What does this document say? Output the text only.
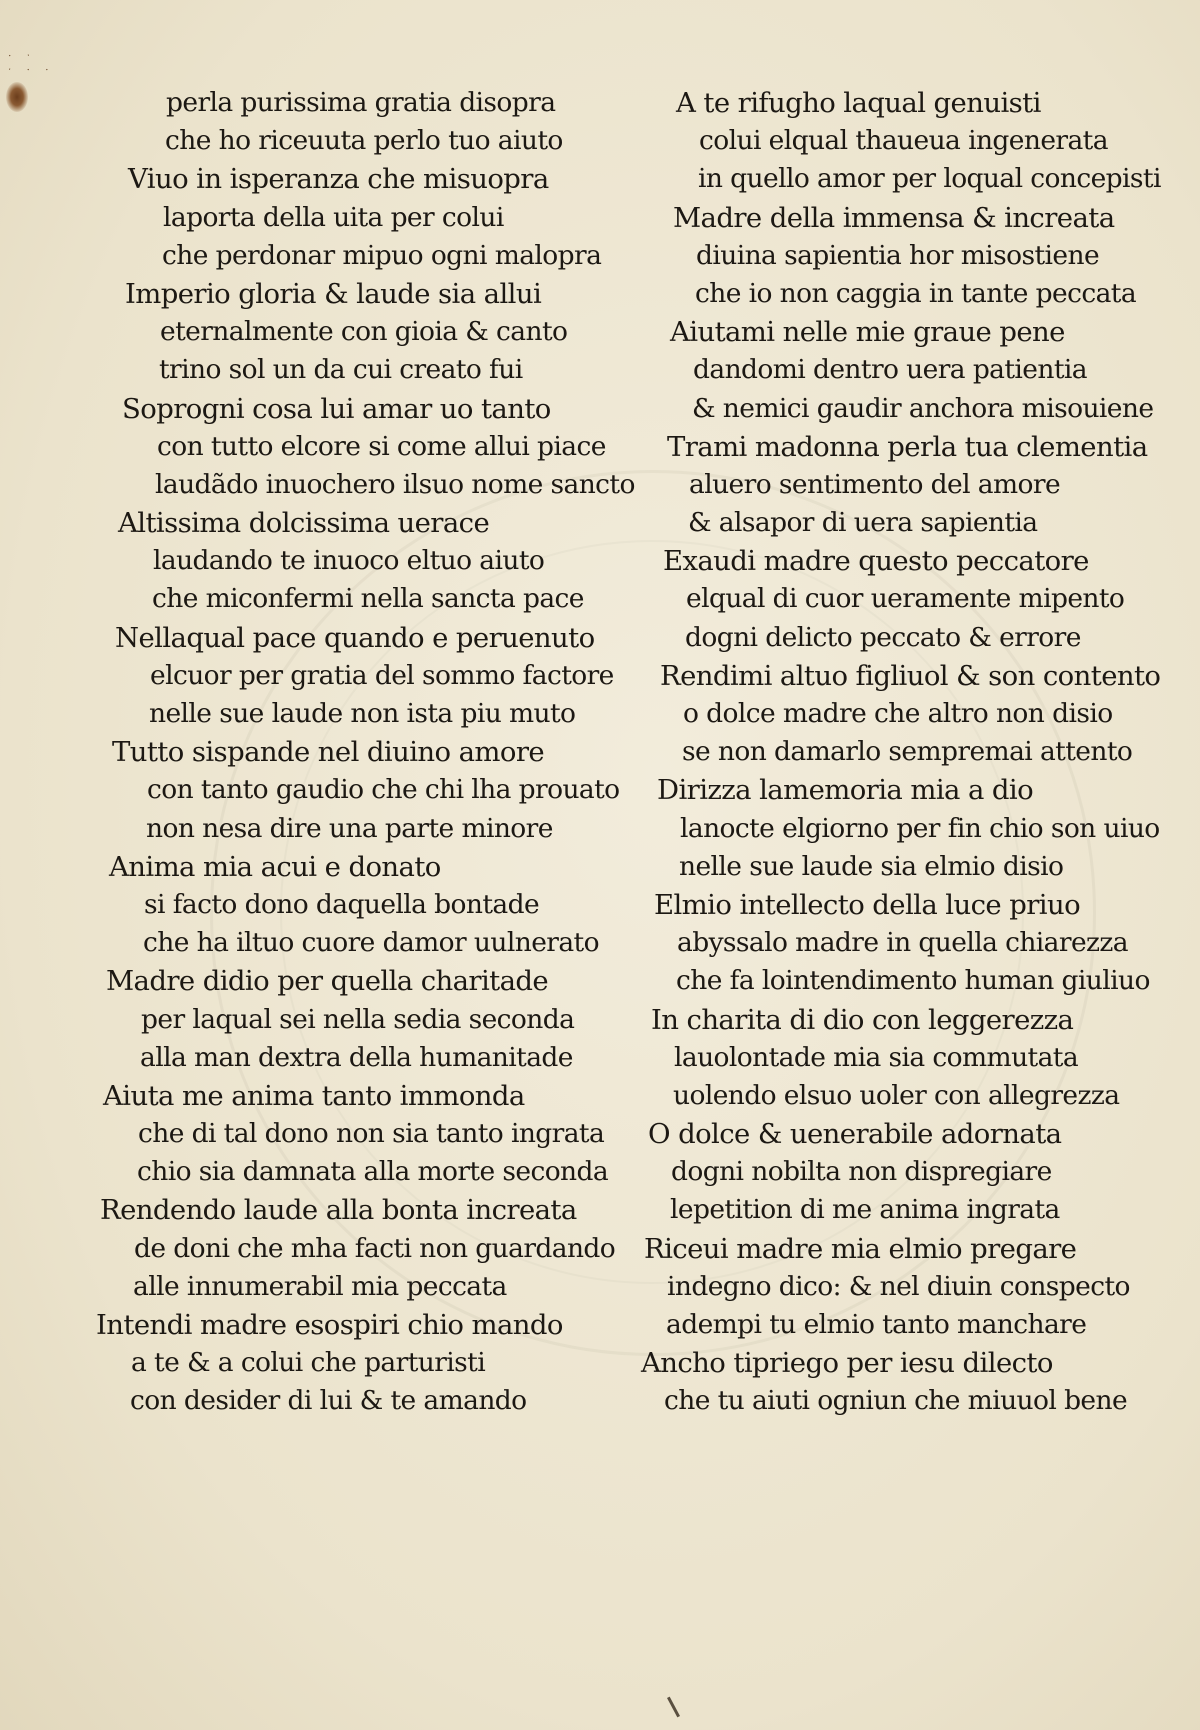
⋅ ˑ
ˑ ⋅ ⋅
perla purissima gratia disopra
che ho riceuuta perlo tuo aiuto
Viuo in isperanza che misuopra
laporta della uita per colui
che perdonar mipuo ogni malopra
Imperio gloria & laude sia allui
eternalmente con gioia & canto
trino sol un da cui creato fui
Soprogni cosa lui amar uo tanto
con tutto elcore si come allui piace
laudãdo inuochero ilsuo nome sancto
Altissima dolcissima uerace
laudando te inuoco eltuo aiuto
che miconfermi nella sancta pace
Nellaqual pace quando e peruenuto
elcuor per gratia del sommo factore
nelle sue laude non ista piu muto
Tutto sispande nel diuino amore
con tanto gaudio che chi lha prouato
non nesa dire una parte minore
Anima mia acui e donato
si facto dono daquella bontade
che ha iltuo cuore damor uulnerato
Madre didio per quella charitade
per laqual sei nella sedia seconda
alla man dextra della humanitade
Aiuta me anima tanto immonda
che di tal dono non sia tanto ingrata
chio sia damnata alla morte seconda
Rendendo laude alla bonta increata
de doni che mha facti non guardando
alle innumerabil mia peccata
Intendi madre esospiri chio mando
a te & a colui che parturisti
con desider di lui & te amando
A te rifugho laqual genuisti
colui elqual thaueua ingenerata
in quello amor per loqual concepisti
Madre della immensa & increata
diuina sapientia hor misostiene
che io non caggia in tante peccata
Aiutami nelle mie graue pene
dandomi dentro uera patientia
& nemici gaudir anchora misouiene
Trami madonna perla tua clementia
aluero sentimento del amore
& alsapor di uera sapientia
Exaudi madre questo peccatore
elqual di cuor ueramente mipento
dogni delicto peccato & errore
Rendimi altuo figliuol & son contento
o dolce madre che altro non disio
se non damarlo sempremai attento
Dirizza lamemoria mia a dio
lanocte elgiorno per fin chio son uiuo
nelle sue laude sia elmio disio
Elmio intellecto della luce priuo
abyssalo madre in quella chiarezza
che fa lointendimento human giuliuo
In charita di dio con leggerezza
lauolontade mia sia commutata
uolendo elsuo uoler con allegrezza
O dolce & uenerabile adornata
dogni nobilta non dispregiare
lepetition di me anima ingrata
Riceui madre mia elmio pregare
indegno dico: & nel diuin conspecto
adempi tu elmio tanto manchare
Ancho tipriego per iesu dilecto
che tu aiuti ogniun che miuuol bene
